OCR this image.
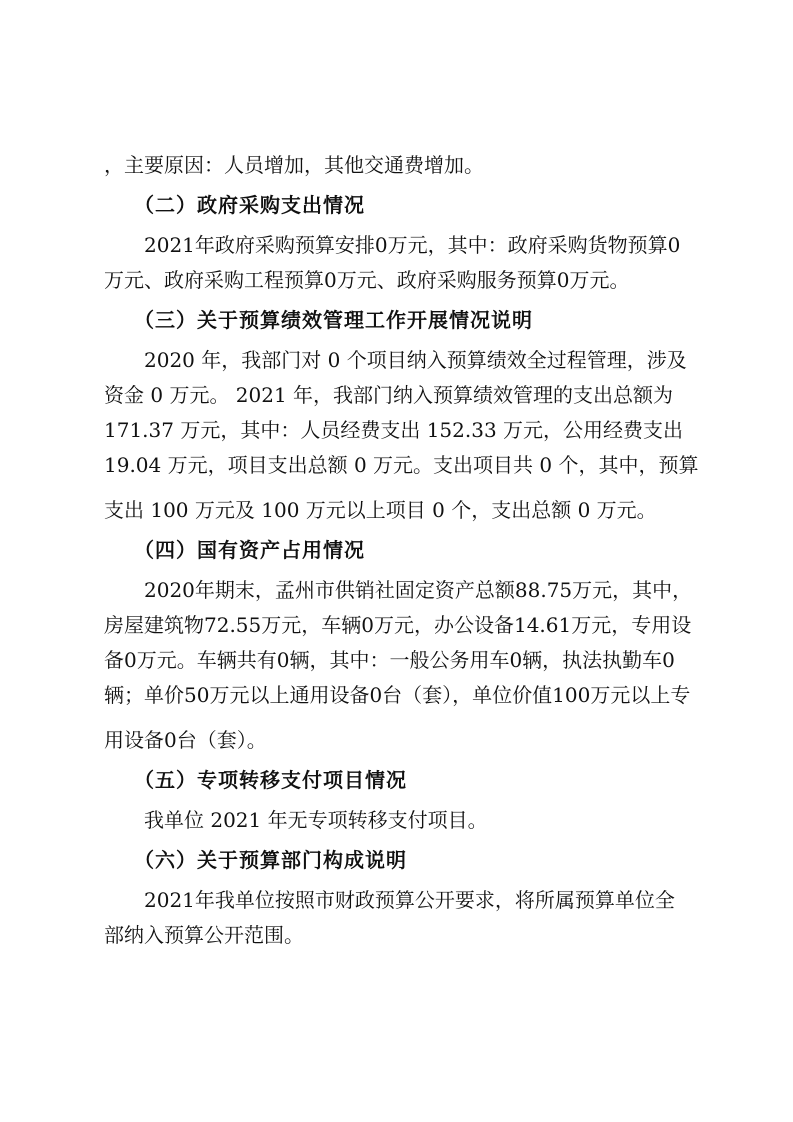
，主要原因：人员增加，其他交通费增加。
（二）政府采购支出情况
2021年政府采购预算安排0万元，其中：政府采购货物预算0
万元、政府采购工程预算0万元、政府采购服务预算0万元。
（三）关于预算绩效管理工作开展情况说明
2020 年，我部门对 0 个项目纳入预算绩效全过程管理，涉及
资金 0 万元。 2021 年，我部门纳入预算绩效管理的支出总额为
171.37 万元，其中：人员经费支出 152.33 万元，公用经费支出
19.04 万元，项目支出总额 0 万元。支出项目共 0 个，其中，预算
支出 100 万元及 100 万元以上项目 0 个，支出总额 0 万元。
（四）国有资产占用情况
2020年期末，孟州市供销社固定资产总额88.75万元，其中，
房屋建筑物72.55万元，车辆0万元，办公设备14.61万元，专用设
备0万元。车辆共有0辆，其中：一般公务用车0辆，执法执勤车0
辆；单价50万元以上通用设备0台（套），单位价值100万元以上专
用设备0台（套）。
（五）专项转移支付项目情况
我单位 2021 年无专项转移支付项目。
（六）关于预算部门构成说明
2021年我单位按照市财政预算公开要求，将所属预算单位全
部纳入预算公开范围。
